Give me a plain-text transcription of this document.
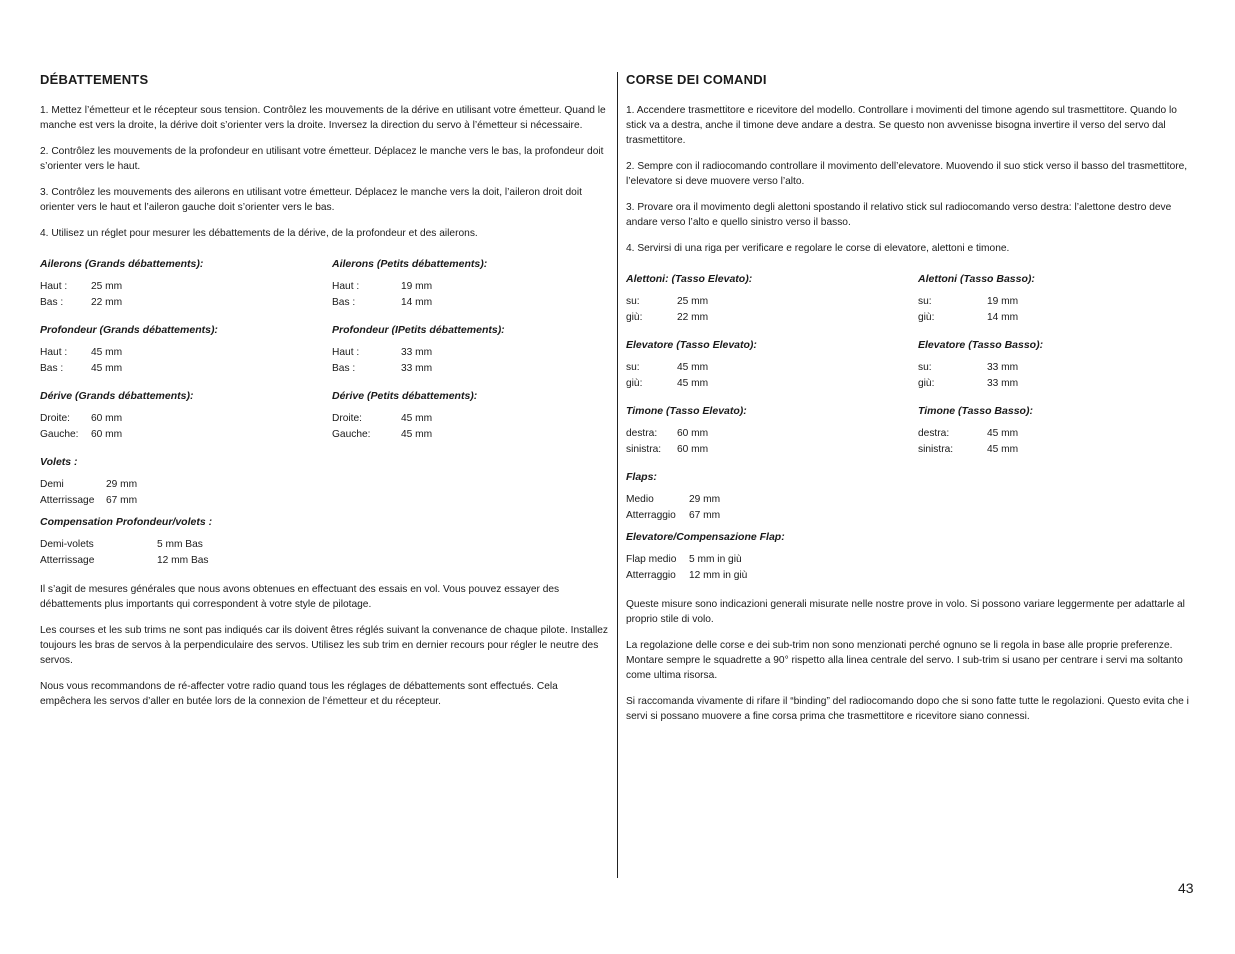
DÉBATTEMENTS

1. Mettez l’émetteur et le récepteur sous tension. Contrôlez les mouvements de la dérive en utilisant votre émetteur. Quand le manche est vers la droite, la dérive doit s’orienter vers la droite. Inversez la direction du servo à l’émetteur si nécessaire.

2. Contrôlez les mouvements de la profondeur en utilisant votre émetteur. Déplacez le manche vers le bas, la profondeur doit s’orienter vers le haut.

3. Contrôlez les mouvements des ailerons en utilisant votre émetteur. Déplacez le manche vers la doit, l’aileron droit doit orienter vers le haut et l’aileron gauche doit s’orienter vers le bas.

4. Utilisez un réglet pour mesurer les débattements de la dérive, de la profondeur et des ailerons.

Ailerons (Grands débattements):
Haut :	25 mm
Bas :	22 mm
Ailerons (Petits débattements):
Haut :	19 mm
Bas :	14 mm
Profondeur (Grands débattements):
Haut :	45 mm
Bas :	45 mm
Profondeur (IPetits débattements):
Haut :	33 mm
Bas :	33 mm
Dérive (Grands débattements):
Droite:	60 mm
Gauche:	60 mm
Dérive (Petits débattements):
Droite:	45 mm
Gauche:	45 mm
Volets :
Demi	29 mm
Atterrissage	67 mm
Compensation Profondeur/volets :
Demi-volets	5 mm Bas
Atterrissage	12 mm Bas

Il s’agit de mesures générales que nous avons obtenues en effectuant des essais en vol. Vous pouvez essayer des débattements plus importants qui correspondent à votre style de pilotage.

Les courses et les sub trims ne sont pas indiqués car ils doivent êtres réglés suivant la convenance de chaque pilote. Installez toujours les bras de servos à la perpendiculaire des servos. Utilisez les sub trim en dernier recours pour régler le neutre des servos.

Nous vous recommandons de ré-affecter votre radio quand tous les réglages de débattements sont effectués. Cela empêchera les servos d’aller en butée lors de la connexion de l’émetteur et du récepteur.

CORSE DEI COMANDI

1. Accendere trasmettitore e ricevitore del modello. Controllare i movimenti del timone agendo sul trasmettitore. Quando lo stick va a destra, anche il timone deve andare a destra. Se questo non avvenisse bisogna invertire il verso del servo dal trasmettitore.

2. Sempre con il radiocomando controllare il movimento dell’elevatore. Muovendo il suo stick verso il basso del trasmettitore, l’elevatore si deve muovere verso l’alto.

3. Provare ora il movimento degli alettoni spostando il relativo stick sul radiocomando verso destra: l’alettone destro deve andare verso l’alto e quello sinistro verso il basso.

4. Servirsi di una riga per verificare e regolare le corse di elevatore, alettoni e timone.

Alettoni: (Tasso Elevato):
su:	25 mm
giù:	22 mm
Alettoni (Tasso Basso):
su:	19 mm
giù:	14 mm
Elevatore (Tasso Elevato):
su:	45 mm
giù:	45 mm
Elevatore (Tasso Basso):
su:	33 mm
giù:	33 mm
Timone (Tasso Elevato):
destra:	60 mm
sinistra:	60 mm
Timone (Tasso Basso):
destra:	45 mm
sinistra:	45 mm
Flaps:
Medio	29 mm
Atterraggio	67 mm
Elevatore/Compensazione Flap:
Flap medio	5 mm in giù
Atterraggio	12 mm in giù

Queste misure sono indicazioni generali misurate nelle nostre prove in volo. Si possono variare leggermente per adattarle al proprio stile di volo.

La regolazione delle corse e dei sub-trim non sono menzionati perché ognuno se li regola in base alle proprie preferenze. Montare sempre le squadrette a 90° rispetto alla linea centrale del servo. I sub-trim si usano per centrare i servi ma soltanto come ultima risorsa.

Si raccomanda vivamente di rifare il “binding” del radiocomando dopo che si sono fatte tutte le regolazioni. Questo evita che i servi si possano muovere a fine corsa prima che trasmettitore e ricevitore siano connessi.

43
